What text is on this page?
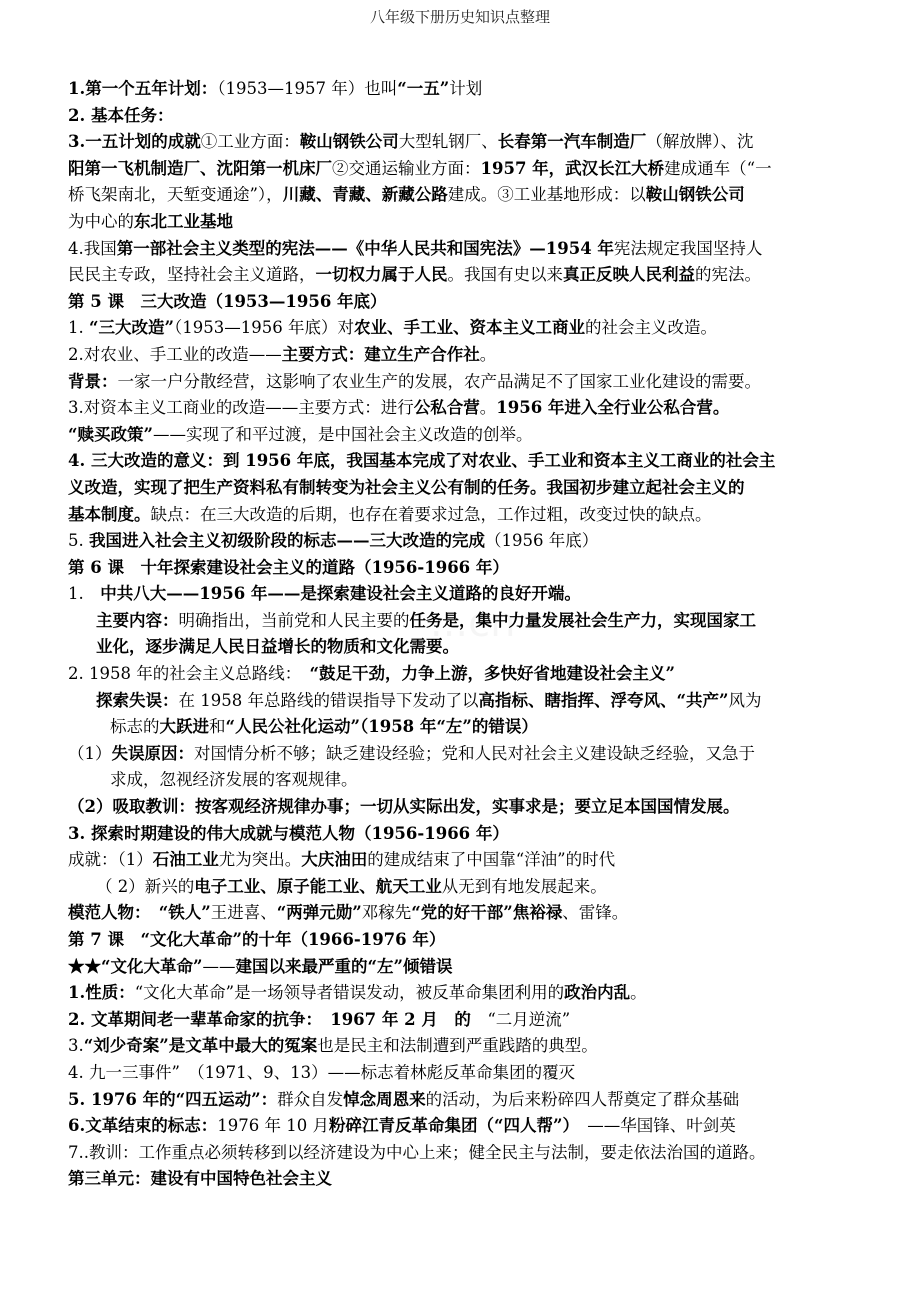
八年级下册历史知识点整理
1.第一个五年计划：（1953—1957 年）也叫“一五”计划
2. 基本任务：
3.一五计划的成就①工业方面：鞍山钢铁公司大型轧钢厂、长春第一汽车制造厂（解放牌）、沈
阳第一飞机制造厂、沈阳第一机床厂②交通运输业方面：1957 年，武汉长江大桥建成通车（“一
桥飞架南北，天堑变通途”），川藏、青藏、新藏公路建成。③工业基地形成：以鞍山钢铁公司
为中心的东北工业基地
4.我国第一部社会主义类型的宪法——《中华人民共和国宪法》—1954 年宪法规定我国坚持人
民民主专政，坚持社会主义道路，一切权力属于人民。我国有史以来真正反映人民利益的宪法。
第 5 课　三大改造（1953—1956 年底）
1. “三大改造”（1953—1956 年底）对农业、手工业、资本主义工商业的社会主义改造。
2.对农业、手工业的改造——主要方式：建立生产合作社。
背景：一家一户分散经营，这影响了农业生产的发展，农产品满足不了国家工业化建设的需要。
3.对资本主义工商业的改造——主要方式：进行公私合营。1956 年进入全行业公私合营。
“赎买政策”——实现了和平过渡，是中国社会主义改造的创举。
4. 三大改造的意义：到 1956 年底，我国基本完成了对农业、手工业和资本主义工商业的社会主
义改造，实现了把生产资料私有制转变为社会主义公有制的任务。我国初步建立起社会主义的
基本制度。缺点：在三大改造的后期，也存在着要求过急，工作过粗，改变过快的缺点。
5. 我国进入社会主义初级阶段的标志——三大改造的完成（1956 年底）
第 6 课　十年探索建设社会主义的道路（1956-1966 年）
1.　中共八大——1956 年——是探索建设社会主义道路的良好开端。
主要内容：明确指出，当前党和人民主要的任务是，集中力量发展社会生产力，实现国家工
业化，逐步满足人民日益增长的物质和文化需要。
2. 1958 年的社会主义总路线：　“鼓足干劲，力争上游，多快好省地建设社会主义”
探索失误：在 1958 年总路线的错误指导下发动了以高指标、瞎指挥、浮夸风、“共产”风为
标志的大跃进和“人民公社化运动”（1958 年“左”的错误）
（1）失误原因：对国情分析不够；缺乏建设经验；党和人民对社会主义建设缺乏经验，又急于
求成，忽视经济发展的客观规律。
（2）吸取教训：按客观经济规律办事；一切从实际出发，实事求是；要立足本国国情发展。
3. 探索时期建设的伟大成就与模范人物（1956-1966 年）
成就：（1）石油工业尤为突出。大庆油田的建成结束了中国靠“洋油”的时代
（ 2）新兴的电子工业、原子能工业、航天工业从无到有地发展起来。
模范人物：　“铁人”王进喜、“两弹元勋”邓稼先“党的好干部”焦裕禄、雷锋。
第 7 课　“文化大革命”的十年（1966-1976 年）
★★“文化大革命”——建国以来最严重的“左”倾错误
1.性质：“文化大革命”是一场领导者错误发动，被反革命集团利用的政治内乱。
2. 文革期间老一辈革命家的抗争：　1967 年 2 月　的　“二月逆流”
3.“刘少奇案”是文革中最大的冤案也是民主和法制遭到严重践踏的典型。
4. 九一三事件”　（1971、9、13）——标志着林彪反革命集团的覆灭
5. 1976 年的“四五运动”：群众自发悼念周恩来的活动，为后来粉碎四人帮奠定了群众基础
6.文革结束的标志：1976 年 10 月粉碎江青反革命集团（“四人帮”）　——华国锋、叶剑英
7..教训：工作重点必须转移到以经济建设为中心上来；健全民主与法制，要走依法治国的道路。
第三单元：建设有中国特色社会主义
